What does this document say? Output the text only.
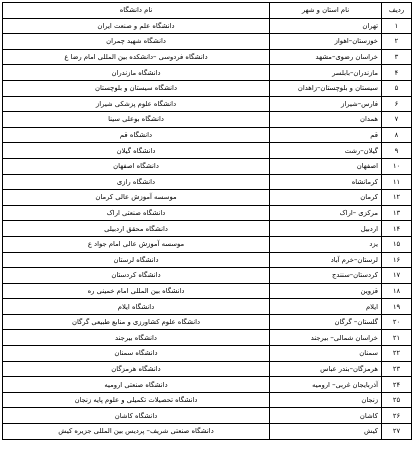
ردیف	نام استان و شهر	نام دانشگاه
۱	تهران	دانشگاه علم و صنعت ایران
۲	خوزستان–اهواز	دانشگاه شهید چمران
۳	خراسان رضوی–مشهد	دانشگاه فردوسی –دانشکده بین المللی امام رضا ع
۴	مازندران–بابلسر	دانشگاه مازندران
۵	سیستان و بلوچستان–زاهدان	دانشگاه سیستان و بلوچستان
۶	فارس–شیراز	دانشگاه علوم پزشکی شیراز
۷	همدان	دانشگاه بوعلی سینا
۸	قم	دانشگاه قم
۹	گیلان–رشت	دانشگاه گیلان
۱۰	اصفهان	دانشگاه اصفهان
۱۱	کرمانشاه	دانشگاه رازی
۱۲	کرمان	موسسه آموزش عالی کرمان
۱۳	مرکزی –اراک	دانشگاه صنعتی اراک
۱۴	اردبیل	دانشگاه محقق اردبیلی
۱۵	یزد	موسسه آموزش عالی امام جواد ع
۱۶	لرستان–خرم آباد	دانشگاه لرستان
۱۷	کردستان–سنندج	دانشگاه کردستان
۱۸	قزوین	دانشگاه بین المللی امام خمینی ره
۱۹	ایلام	دانشگاه ایلام
۲۰	گلستان– گرگان	دانشگاه علوم کشاورزی و منابع طبیعی گرگان
۲۱	خراسان شمالی– بیرجند	دانشگاه بیرجند
۲۲	سمنان	دانشگاه سمنان
۲۳	هرمزگان–بندر عباس	دانشگاه هرمزگان
۲۴	آذربایجان غربی– ارومیه	دانشگاه صنعتی ارومیه
۲۵	زنجان	دانشگاه تحصیلات تکمیلی و علوم پایه زنجان
۲۶	کاشان	دانشگاه کاشان
۲۷	کیش	دانشگاه صنعتی شریف– پردیس بین المللی جزیره کیش
